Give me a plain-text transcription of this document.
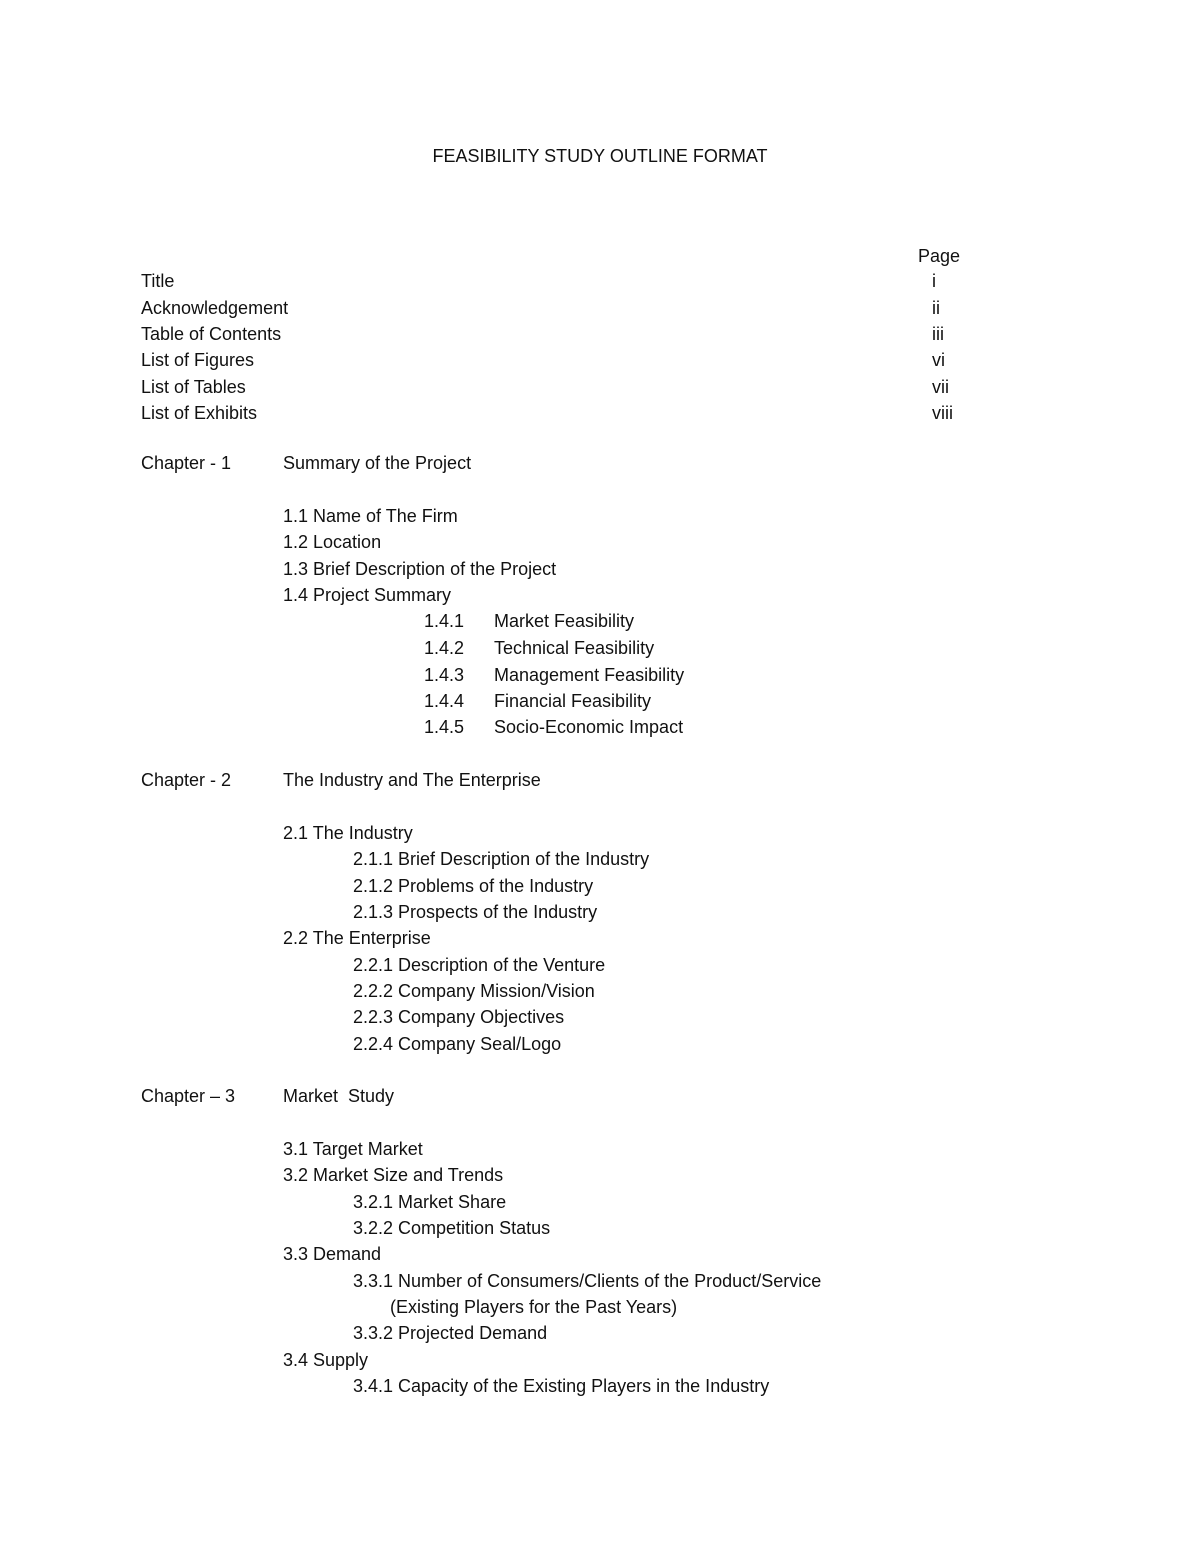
FEASIBILITY STUDY OUTLINE FORMAT
Page
Title	i
Acknowledgement	ii
Table of Contents	iii
List of Figures	vi
List of Tables	vii
List of Exhibits	viii
Chapter - 1	Summary of the Project
1.1 Name of The Firm
1.2 Location
1.3 Brief Description of the Project
1.4 Project Summary
1.4.1 Market Feasibility
1.4.2 Technical Feasibility
1.4.3 Management Feasibility
1.4.4 Financial Feasibility
1.4.5 Socio-Economic Impact
Chapter - 2	The Industry and The Enterprise
2.1 The Industry
2.1.1 Brief Description of the Industry
2.1.2 Problems of the Industry
2.1.3 Prospects of the Industry
2.2 The Enterprise
2.2.1 Description of the Venture
2.2.2 Company Mission/Vision
2.2.3 Company Objectives
2.2.4 Company Seal/Logo
Chapter – 3	Market  Study
3.1 Target Market
3.2 Market Size and Trends
3.2.1 Market Share
3.2.2 Competition Status
3.3 Demand
3.3.1 Number of Consumers/Clients of the Product/Service
(Existing Players for the Past Years)
3.3.2 Projected Demand
3.4 Supply
3.4.1 Capacity of the Existing Players in the Industry
